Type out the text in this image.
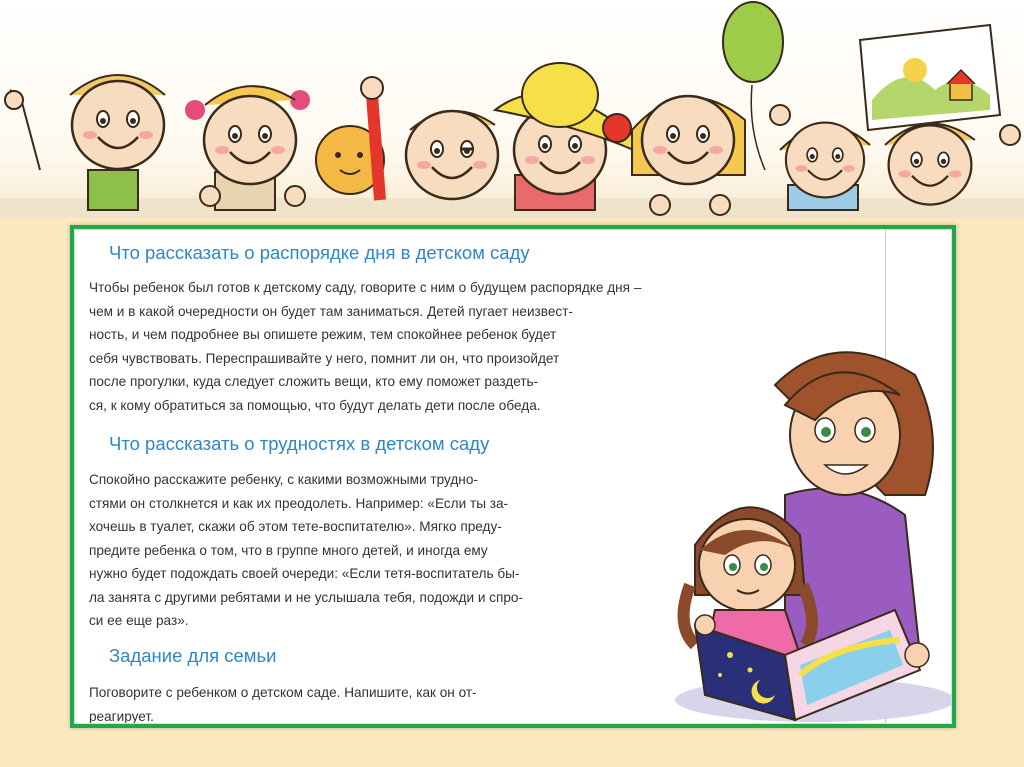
Что рассказать о распорядке дня в детском саду
Чтобы ребенок был готов к детскому саду, говорите с ним о будущем распорядке дня –
чем и в какой очередности он будет там заниматься. Детей пугает неизвест-
ность, и чем подробнее вы опишете режим, тем спокойнее ребенок будет
себя чувствовать. Переспрашивайте у него, помнит ли он, что произойдет
после прогулки, куда следует сложить вещи, кто ему поможет раздеть-
ся, к кому обратиться за помощью, что будут делать дети после обеда.
Что рассказать о трудностях в детском саду
Спокойно расскажите ребенку, с какими возможными трудно-
стями он столкнется и как их преодолеть. Например: «Если ты за-
хочешь в туалет, скажи об этом тете-воспитателю». Мягко преду-
предите ребенка о том, что в группе много детей, и иногда ему
нужно будет подождать своей очереди: «Если тетя-воспитатель бы-
ла занята с другими ребятами и не услышала тебя, подожди и спро-
си ее еще раз».
Задание для семьи
Поговорите с ребенком о детском саде. Напишите, как он от-
реагирует.
